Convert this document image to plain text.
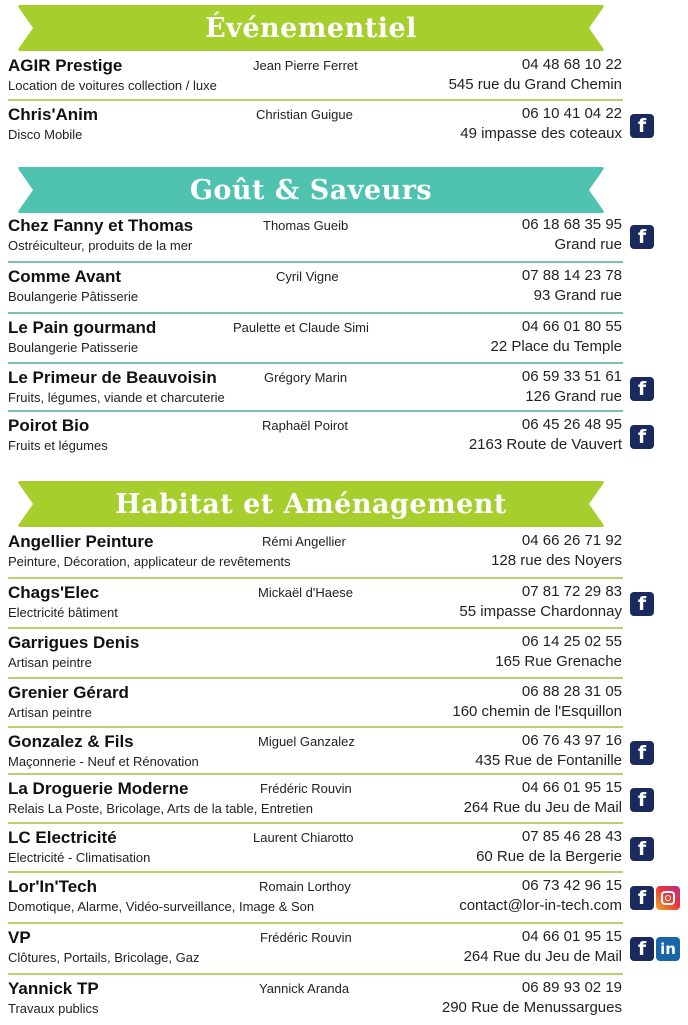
Événementiel
AGIR Prestige
Location de voitures collection / luxe
Jean Pierre Ferret	04 48 68 10 22
545 rue du Grand Chemin
Chris'Anim
Disco Mobile
Christian Guigue	06 10 41 04 22
49 impasse des coteaux f
Goût & Saveurs
Chez Fanny et Thomas
Ostréiculteur, produits de la mer
Thomas Gueib	06 18 68 35 95
Grand rue f
Comme Avant
Boulangerie Pâtisserie
Cyril Vigne	07 88 14 23 78
93 Grand rue
Le Pain gourmand
Boulangerie Patisserie
Paulette et Claude Simi	04 66 01 80 55
22 Place du Temple
Le Primeur de Beauvoisin
Fruits, légumes, viande et charcuterie
Grégory Marin	06 59 33 51 61
126 Grand rue f
Poirot Bio
Fruits et légumes
Raphaël Poirot	06 45 26 48 95
2163 Route de Vauvert f
Habitat et Aménagement
Angellier Peinture
Peinture, Décoration, applicateur de revêtements
Rémi Angellier	04 66 26 71 92
128 rue des Noyers
Chags'Elec
Electricité bâtiment
Mickaël d'Haese	07 81 72 29 83
55 impasse Chardonnay f
Garrigues Denis
Artisan peintre
06 14 25 02 55
165 Rue Grenache
Grenier Gérard
Artisan peintre
06 88 28 31 05
160 chemin de l'Esquillon
Gonzalez & Fils
Maçonnerie - Neuf et Rénovation
Miguel Ganzalez	06 76 43 97 16
435 Rue de Fontanille f
La Droguerie Moderne
Relais La Poste, Bricolage, Arts de la table, Entretien
Frédéric Rouvin	04 66 01 95 15
264 Rue du Jeu de Mail f
LC Electricité
Electricité - Climatisation
Laurent Chiarotto	07 85 46 28 43
60 Rue de la Bergerie f
Lor'In'Tech
Domotique, Alarme, Vidéo-surveillance, Image & Son
Romain Lorthoy	06 73 42 96 15
contact@lor-in-tech.com f
VP
Clôtures, Portails, Bricolage, Gaz
Frédéric Rouvin	04 66 01 95 15
264 Rue du Jeu de Mail f in
Yannick TP
Travaux publics
Yannick Aranda	06 89 93 02 19
290 Rue de Menussargues
